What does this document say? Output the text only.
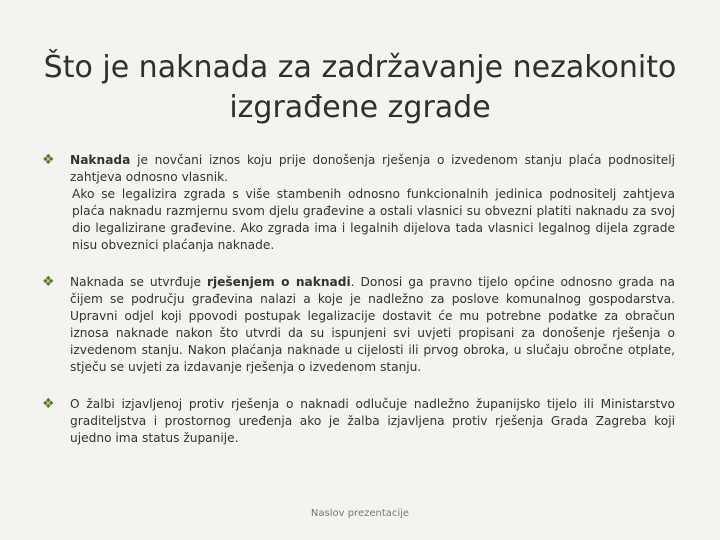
Što je naknada za zadržavanje nezakonito
izgrađene zgrade
❖ Naknada je novčani iznos koju prije donošenja rješenja o izvedenom stanju plaća podnositelj zahtjeva odnosno vlasnik.

Ako se legalizira zgrada s više stambenih odnosno funkcionalnih jedinica podnositelj zahtjeva plaća naknadu razmjernu svom djelu građevine a ostali vlasnici su obvezni platiti naknadu za svoj dio legalizirane građevine. Ako zgrada ima i legalnih dijelova tada vlasnici legalnog dijela zgrade nisu obveznici plaćanja naknade.

❖ Naknada se utvrđuje rješenjem o naknadi. Donosi ga pravno tijelo općine odnosno grada na čijem se području građevina nalazi a koje je nadležno za poslove komunalnog gospodarstva. Upravni odjel koji ppovodi postupak legalizacije dostavit će mu potrebne podatke za obračun iznosa naknade nakon što utvrdi da su ispunjeni svi uvjeti propisani za donošenje rješenja o izvedenom stanju. Nakon plaćanja naknade u cijelosti ili prvog obroka, u slučaju obročne otplate, stječu se uvjeti za izdavanje rješenja o izvedenom stanju.

❖ O žalbi izjavljenoj protiv rješenja o naknadi odlučuje nadležno županijsko tijelo ili Ministarstvo graditeljstva i prostornog uređenja ako je žalba izjavljena protiv rješenja Grada Zagreba koji ujedno ima status županije.

Naslov prezentacije
